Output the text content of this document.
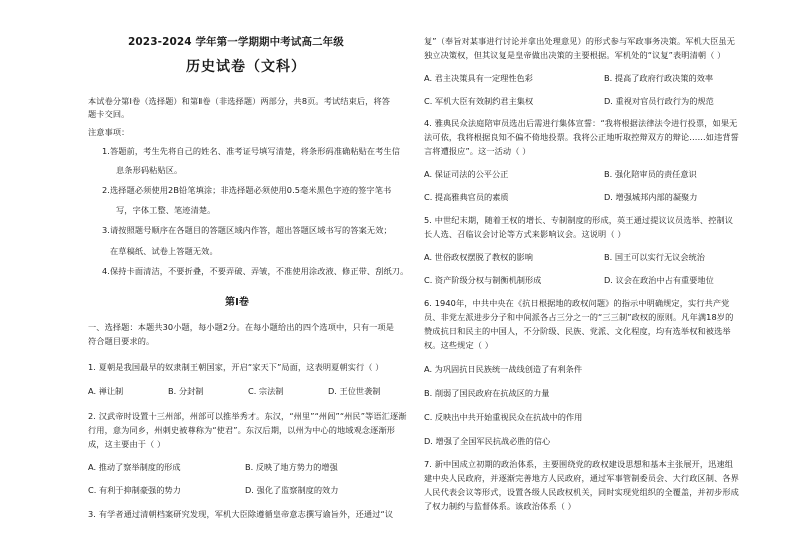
2023-2024 学年第一学期期中考试高二年级
历史试卷（文科）
本试卷分第Ⅰ卷（选择题）和第Ⅱ卷（非选择题）两部分，共8页。考试结束后，将答
题卡交回。
注意事项：
1.答题前，考生先将自己的姓名、准考证号填写清楚，将条形码准确粘贴在考生信
息条形码粘贴区。
2.选择题必须使用2B铅笔填涂；非选择题必须使用0.5毫米黑色字迹的签字笔书
写，字体工整、笔迹清楚。
3.请按照题号顺序在各题目的答题区域内作答，超出答题区域书写的答案无效；
在草稿纸、试卷上答题无效。
4.保持卡面清洁，不要折叠，不要弄破、弄皱，不准使用涂改液、修正带、刮纸刀。
第Ⅰ卷
一、选择题：本题共30小题，每小题2分。在每小题给出的四个选项中，只有一项是
符合题目要求的。
1. 夏朝是我国最早的奴隶制王朝国家，开启“家天下”局面，这表明夏朝实行（ ）
A. 禅让制	B. 分封制	C. 宗法制	D. 王位世袭制
2. 汉武帝时设置十三州部，州部可以推举秀才。东汉，“州里”“州闾”“州民”等语汇逐渐
行用，意为同乡，州刺史被尊称为“使君”。东汉后期，以州为中心的地域观念逐渐形
成，这主要由于（ ）
A. 推动了察举制度的形成	B. 反映了地方势力的增强
C. 有利于抑制豪强的势力	D. 强化了监察制度的效力
3. 有学者通过清朝档案研究发现，军机大臣除遵循皇帝意志撰写谕旨外，还通过“议
复”（奉旨对某事进行讨论并拿出处理意见）的形式参与军政事务决策。军机大臣虽无
独立决策权，但其议复是皇帝做出决策的主要根据。军机处的“议复”表明清朝（ ）
A. 君主决策具有一定理性色彩	B. 提高了政府行政决策的效率
C. 军机大臣有效制约君主集权	D. 重视对官员行政行为的规范
4. 雅典民众法庭陪审员选出后需进行集体宣誓：“我将根据法律法令进行投票，如果无
法可依，我将根据良知不偏不倚地投票。我将公正地听取控辩双方的辩论……如违背誓
言将遭报应”。这一活动（ ）
A. 保证司法的公平公正	B. 强化陪审员的责任意识
C. 提高雅典官员的素质	D. 增强城邦内部的凝聚力
5. 中世纪末期，随着王权的增长、专制制度的形成，英王通过提议议员选举、控制议
长人选、召临议会讨论等方式来影响议会。这说明（ ）
A. 世俗政权摆脱了教权的影响	B. 国王可以实行无议会统治
C. 资产阶级分权与制衡机制形成	D. 议会在政治中占有重要地位
6. 1940年，中共中央在《抗日根据地的政权问题》的指示中明确规定，实行共产党
员、非党左派进步分子和中间派各占三分之一的“三三制”政权的原则。凡年满18岁的
赞成抗日和民主的中国人，不分阶级、民族、党派、文化程度，均有选举权和被选举
权。这些规定（ ）
A. 为巩固抗日民族统一战线创造了有利条件
B. 削弱了国民政府在抗战区的力量
C. 反映出中共开始重视民众在抗战中的作用
D. 增强了全国军民抗战必胜的信心
7. 新中国成立初期的政治体系，主要围绕党的政权建设思想和基本主张展开，迅速组
建中央人民政府，并逐渐完善地方人民政府，通过军事管制委员会、大行政区制、各界
人民代表会议等形式，设置各级人民政权机关，同时实现党组织的全覆盖，并初步形成
了权力制约与监督体系。该政治体系（ ）
